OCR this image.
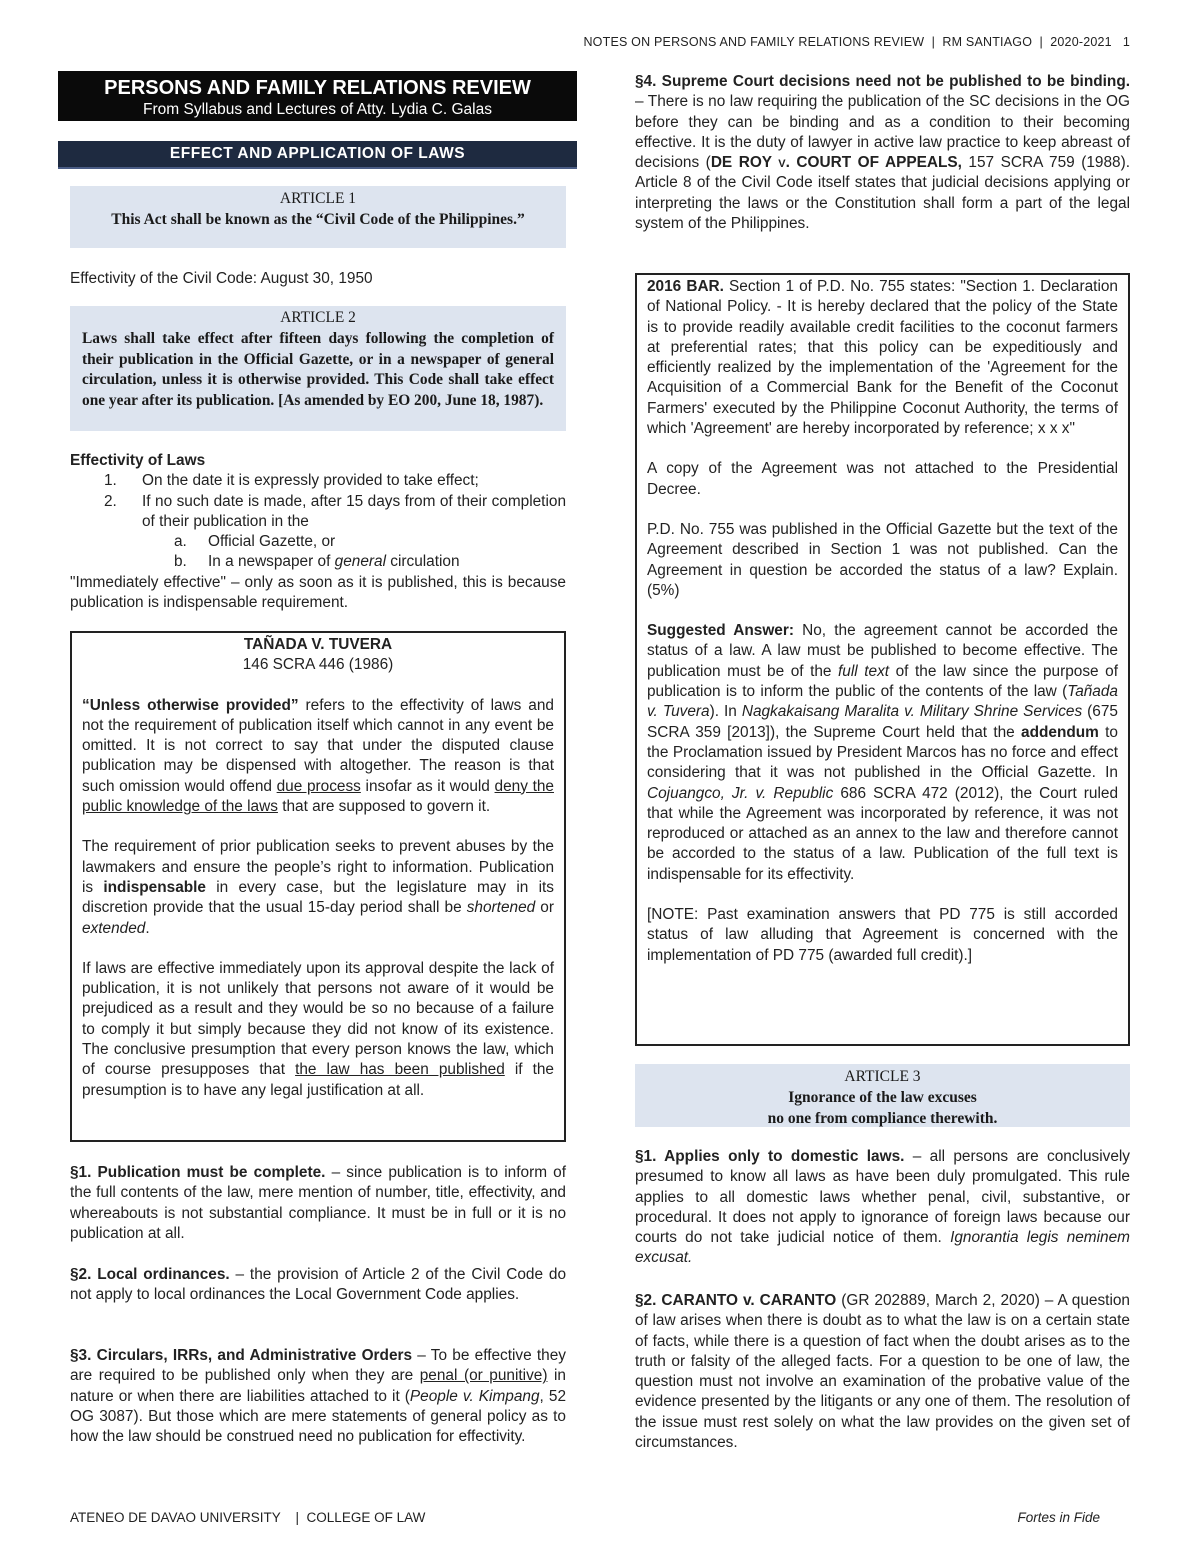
NOTES ON PERSONS AND FAMILY RELATIONS REVIEW  |  RM SANTIAGO  |  2020-2021   1
PERSONS AND FAMILY RELATIONS REVIEW
From Syllabus and Lectures of Atty. Lydia C. Galas
EFFECT AND APPLICATION OF LAWS

ARTICLE 1

This Act shall be known as the “Civil Code of the Philippines.”

Effectivity of the Civil Code: August 30, 1950

ARTICLE 2

Laws shall take effect after fifteen days following the completion of their publication in the Official Gazette, or in a newspaper of general circulation, unless it is otherwise provided. This Code shall take effect one year after its publication. [As amended by EO 200, June 18, 1987).

Effectivity of Laws

1.	On the date it is expressly provided to take effect;
2.	If no such date is made, after 15 days from of their completion of their publication in the
a. Official Gazette, or
b. In a newspaper of general circulation

"Immediately effective" – only as soon as it is published, this is because publication is indispensable requirement.

TAÑADA V. TUVERA

146 SCRA 446 (1986)

“Unless otherwise provided” refers to the effectivity of laws and not the requirement of publication itself which cannot in any event be omitted. It is not correct to say that under the disputed clause publication may be dispensed with altogether. The reason is that such omission would offend due process insofar as it would deny the public knowledge of the laws that are supposed to govern it.

The requirement of prior publication seeks to prevent abuses by the lawmakers and ensure the people’s right to information. Publication is indispensable in every case, but the legislature may in its discretion provide that the usual 15-day period shall be shortened or extended.

If laws are effective immediately upon its approval despite the lack of publication, it is not unlikely that persons not aware of it would be prejudiced as a result and they would be so no because of a failure to comply it but simply because they did not know of its existence. The conclusive presumption that every person knows the law, which of course presupposes that the law has been published if the presumption is to have any legal justification at all.

§1. Publication must be complete. – since publication is to inform of the full contents of the law, mere mention of number, title, effectivity, and whereabouts is not substantial compliance. It must be in full or it is no publication at all.

§2. Local ordinances. – the provision of Article 2 of the Civil Code do not apply to local ordinances the Local Government Code applies.

§3. Circulars, IRRs, and Administrative Orders – To be effective they are required to be published only when they are penal (or punitive) in nature or when there are liabilities attached to it (People v. Kimpang, 52 OG 3087). But those which are mere statements of general policy as to how the law should be construed need no publication for effectivity.

§4. Supreme Court decisions need not be published to be binding. – There is no law requiring the publication of the SC decisions in the OG before they can be binding and as a condition to their becoming effective. It is the duty of lawyer in active law practice to keep abreast of decisions (DE ROY v. COURT OF APPEALS, 157 SCRA 759 (1988). Article 8 of the Civil Code itself states that judicial decisions applying or interpreting the laws or the Constitution shall form a part of the legal system of the Philippines.

2016 BAR. Section 1 of P.D. No. 755 states: "Section 1. Declaration of National Policy. - It is hereby declared that the policy of the State is to provide readily available credit facilities to the coconut farmers at preferential rates; that this policy can be expeditiously and efficiently realized by the implementation of the 'Agreement for the Acquisition of a Commercial Bank for the Benefit of the Coconut Farmers' executed by the Philippine Coconut Authority, the terms of which 'Agreement' are hereby incorporated by reference; x x x"

A copy of the Agreement was not attached to the Presidential Decree.

P.D. No. 755 was published in the Official Gazette but the text of the Agreement described in Section 1 was not published. Can the Agreement in question be accorded the status of a law? Explain. (5%)

Suggested Answer: No, the agreement cannot be accorded the status of a law. A law must be published to become effective. The publication must be of the full text of the law since the purpose of publication is to inform the public of the contents of the law (Tañada v. Tuvera). In Nagkakaisang Maralita v. Military Shrine Services (675 SCRA 359 [2013]), the Supreme Court held that the addendum to the Proclamation issued by President Marcos has no force and effect considering that it was not published in the Official Gazette. In Cojuangco, Jr. v. Republic 686 SCRA 472 (2012), the Court ruled that while the Agreement was incorporated by reference, it was not reproduced or attached as an annex to the law and therefore cannot be accorded to the status of a law. Publication of the full text is indispensable for its effectivity.

[NOTE: Past examination answers that PD 775 is still accorded status of law alluding that Agreement is concerned with the implementation of PD 775 (awarded full credit).]

ARTICLE 3

Ignorance of the law excuses

no one from compliance therewith.

§1. Applies only to domestic laws. – all persons are conclusively presumed to know all laws as have been duly promulgated. This rule applies to all domestic laws whether penal, civil, substantive, or procedural. It does not apply to ignorance of foreign laws because our courts do not take judicial notice of them. Ignorantia legis neminem excusat.

§2. CARANTO v. CARANTO (GR 202889, March 2, 2020) – A question of law arises when there is doubt as to what the law is on a certain state of facts, while there is a question of fact when the doubt arises as to the truth or falsity of the alleged facts. For a question to be one of law, the question must not involve an examination of the probative value of the evidence presented by the litigants or any one of them. The resolution of the issue must rest solely on what the law provides on the given set of circumstances.

ATENEO DE DAVAO UNIVERSITY    |  COLLEGE OF LAW	Fortes in Fide
